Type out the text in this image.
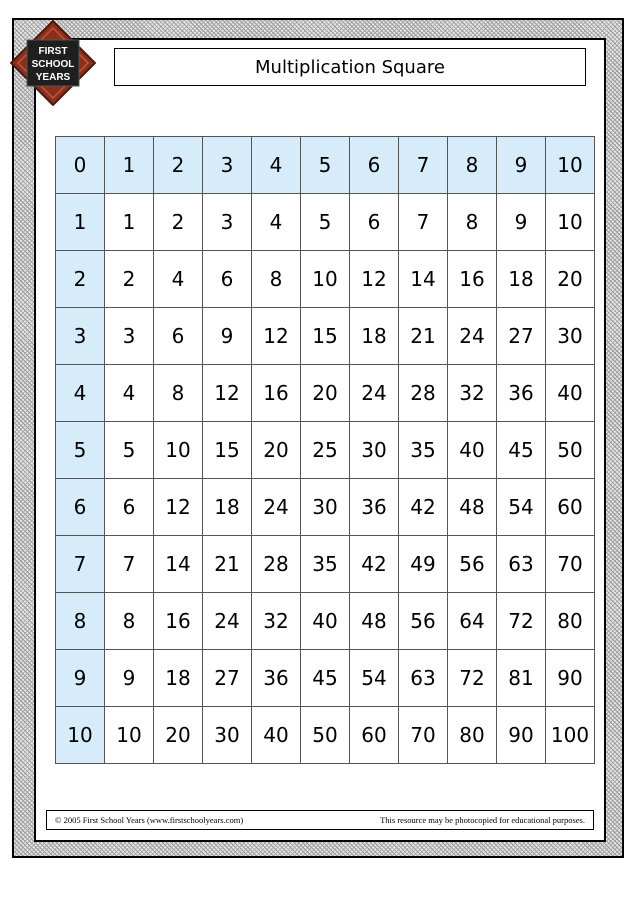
FIRST
SCHOOL
YEARS	Multiplication Square
0	1	2	3	4	5	6	7	8	9	10
1	1	2	3	4	5	6	7	8	9	10
2	2	4	6	8	10	12	14	16	18	20
3	3	6	9	12	15	18	21	24	27	30
4	4	8	12	16	20	24	28	32	36	40
5	5	10	15	20	25	30	35	40	45	50
6	6	12	18	24	30	36	42	48	54	60
7	7	14	21	28	35	42	49	56	63	70
8	8	16	24	32	40	48	56	64	72	80
9	9	18	27	36	45	54	63	72	81	90
10	10	20	30	40	50	60	70	80	90	100
© 2005 First School Years (www.firstschoolyears.com)	This resource may be photocopied for educational purposes.
